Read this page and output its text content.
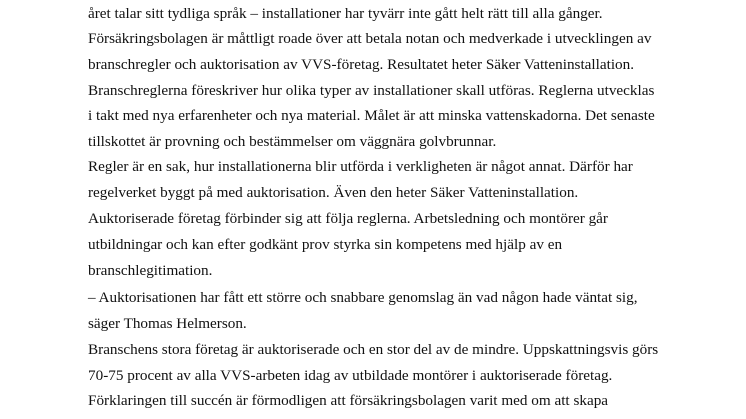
året talar sitt tydliga språk – installationer har tyvärr inte gått helt rätt till alla gånger.
Försäkringsbolagen är måttligt roade över att betala notan och medverkade i utvecklingen av
branschregler och auktorisation av VVS-företag. Resultatet heter Säker Vatteninstallation.
Branschreglerna föreskriver hur olika typer av installationer skall utföras. Reglerna utvecklas
i takt med nya erfarenheter och nya material. Målet är att minska vattenskadorna. Det senaste
tillskottet är provning och bestämmelser om väggnära golvbrunnar.
Regler är en sak, hur installationerna blir utförda i verkligheten är något annat. Därför har
regelverket byggt på med auktorisation. Även den heter Säker Vatteninstallation.
Auktoriserade företag förbinder sig att följa reglerna. Arbetsledning och montörer går
utbildningar och kan efter godkänt prov styrka sin kompetens med hjälp av en
branschlegitimation.
– Auktorisationen har fått ett större och snabbare genomslag än vad någon hade väntat sig,
säger Thomas Helmerson.
Branschens stora företag är auktoriserade och en stor del av de mindre. Uppskattningsvis görs
70-75 procent av alla VVS-arbeten idag av utbildade montörer i auktoriserade företag.
Förklaringen till succén är förmodligen att försäkringsbolagen varit med om att skapa
